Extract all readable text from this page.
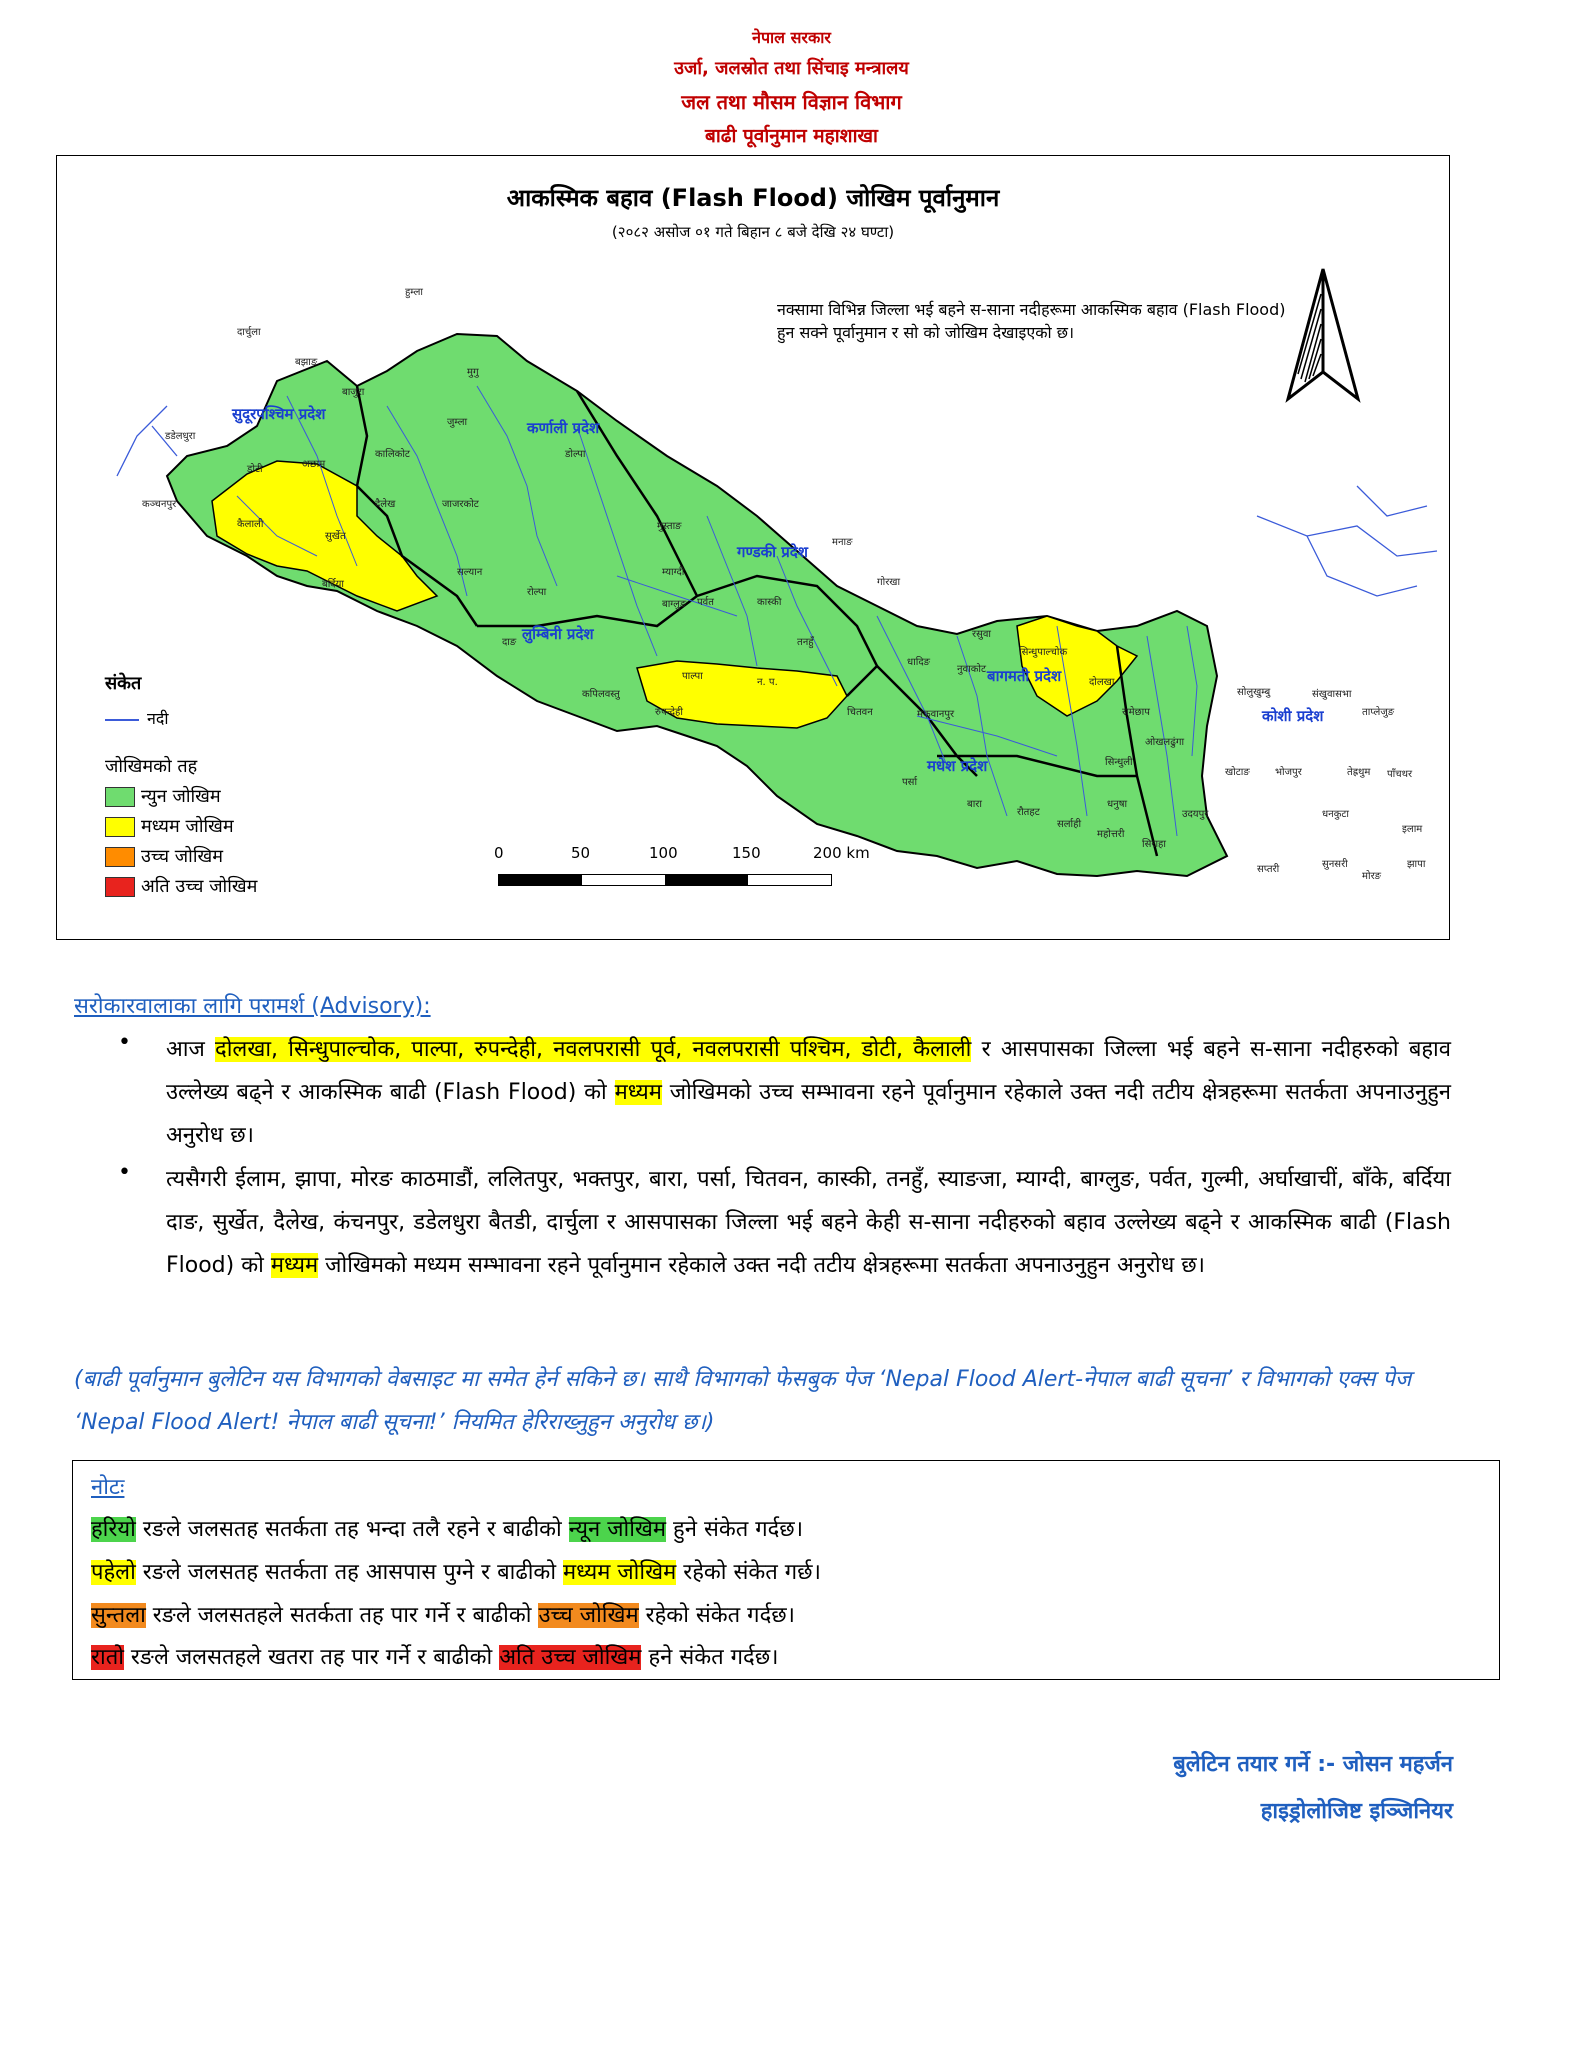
नेपाल सरकार
उर्जा, जलस्रोत तथा सिंचाइ मन्त्रालय
जल तथा मौसम विज्ञान विभाग
बाढी पूर्वानुमान महाशाखा
आकस्मिक बहाव (Flash Flood) जोखिम पूर्वानुमान
(२०८२ असोज ०१ गते बिहान ८ बजे देखि २४ घण्टा)
नक्सामा विभिन्न जिल्ला भई बहने स-साना नदीहरूमा आकस्मिक बहाव (Flash Flood) हुन सक्ने पूर्वानुमान र सो को जोखिम देखाइएको छ।
सुदूरपश्चिम प्रदेश
कर्णाली प्रदेश
गण्डकी प्रदेश
लुम्बिनी प्रदेश
बागमती प्रदेश
मधेश प्रदेश
कोशी प्रदेश
दार्चुला
बझाङ
बाजुरा
हुम्ला
मुगु
जुम्ला
डोल्पा
कालिकोट
डोटी	अछाम
कैलाली
कञ्चनपुर
डडेलधुरा
सुर्खेत
दैलेख	जाजरकोट
बर्दिया
सल्यान
रोल्पा
दाङ
मुस्ताङ
मनाङ
म्याग्दी
कास्की
गोरखा
पर्वत
बाग्लुङ
तनहुँ
पाल्पा
रुपन्देही
न. प.
कपिलवस्तु
चितवन	मकवानपुर
सिन्धुपाल्चोक
दोलखा
रसुवा
नुवाकोट
धादिङ
पर्सा
बारा
रौतहट
सर्लाही
महोत्तरी
धनुषा
सिराहा
सप्तरी
सिन्धुली
उदयपुर
ओखलढुंगा
सोलुखुम्बु
खोटाङ	भोजपुर
संखुवासभा
ताप्लेजुङ
धनकुटा
तेह्रथुम पाँचथर
इलाम
झापा
मोरङ
सुनसरी
रामेछाप
संकेत
नदी
जोखिमको तह
न्युन जोखिम
मध्यम जोखिम
उच्च जोखिम
अति उच्च जोखिम
0	50	100	150	200 km
सरोकारवालाका लागि परामर्श (Advisory):
• आज दोलखा, सिन्धुपाल्चोक, पाल्पा, रुपन्देही, नवलपरासी पूर्व, नवलपरासी पश्चिम, डोटी, कैलाली र आसपासका जिल्ला भई बहने स-साना नदीहरुको बहाव उल्लेख्य बढ्ने र आकस्मिक बाढी (Flash Flood) को मध्यम जोखिमको उच्च सम्भावना रहने पूर्वानुमान रहेकाले उक्त नदी तटीय क्षेत्रहरूमा सतर्कता अपनाउनुहुन अनुरोध छ।
• त्यसैगरी ईलाम, झापा, मोरङ काठमाडौं, ललितपुर, भक्तपुर, बारा, पर्सा, चितवन, कास्की, तनहुँ, स्याङजा, म्याग्दी, बाग्लुङ, पर्वत, गुल्मी, अर्घाखाचीं, बाँके, बर्दिया दाङ, सुर्खेत, दैलेख, कंचनपुर, डडेलधुरा बैतडी, दार्चुला र आसपासका जिल्ला भई बहने केही स-साना नदीहरुको बहाव उल्लेख्य बढ्ने र आकस्मिक बाढी (Flash Flood) को मध्यम जोखिमको मध्यम सम्भावना रहने पूर्वानुमान रहेकाले उक्त नदी तटीय क्षेत्रहरूमा सतर्कता अपनाउनुहुन अनुरोध छ।
(बाढी पूर्वानुमान बुलेटिन यस विभागको वेबसाइट मा समेत हेर्न सकिने छ। साथै विभागको फेसबुक पेज ‘Nepal Flood Alert-नेपाल बाढी सूचना’ र विभागको एक्स पेज ‘Nepal Flood Alert! नेपाल बाढी सूचना!’ नियमित हेरिराख्नुहुन अनुरोध छ।)
नोटः
हरियो रङले जलसतह सतर्कता तह भन्दा तलै रहने र बाढीको न्यून जोखिम हुने संकेत गर्दछ।
पहेलो रङले जलसतह सतर्कता तह आसपास पुग्ने र बाढीको मध्यम जोखिम रहेको संकेत गर्छ।
सुन्तला रङले जलसतहले सतर्कता तह पार गर्ने र बाढीको उच्च जोखिम रहेको संकेत गर्दछ।
रातो रङले जलसतहले खतरा तह पार गर्ने र बाढीको अति उच्च जोखिम हने संकेत गर्दछ।
बुलेटिन तयार गर्ने :- जोसन महर्जन
हाइड्रोलोजिष्ट इञ्जिनियर
